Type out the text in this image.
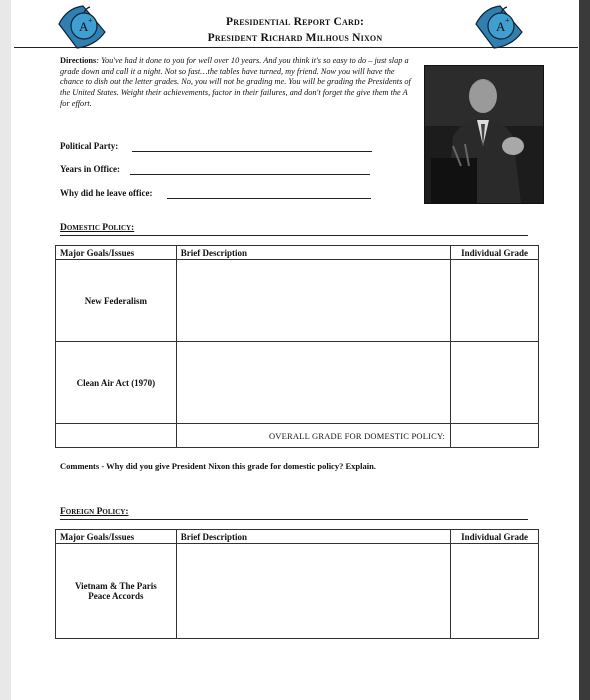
A +	A +
Presidential Report Card:
President Richard Milhous Nixon
Directions: You've had it done to you for well over 10 years. And you think it's so easy to do – just slap a grade down and call it a night. Not so fast…the tables have turned, my friend. Now you will have the chance to dish out the letter grades. No, you will not be grading me. You will be grading the Presidents of the United States. Weight their achievements, factor in their failures, and don't forget the give them the A for effort.
Political Party:
Years in Office:
Why did he leave office:
Domestic Policy:
Major Goals/Issues	Brief Description	Individual Grade
New Federalism		
Clean Air Act (1970)		
	OVERALL GRADE FOR DOMESTIC POLICY:	
Comments - Why did you give President Nixon this grade for domestic policy? Explain.
Foreign Policy:
Major Goals/Issues	Brief Description	Individual Grade

Vietnam & The Paris
Peace Accords		
